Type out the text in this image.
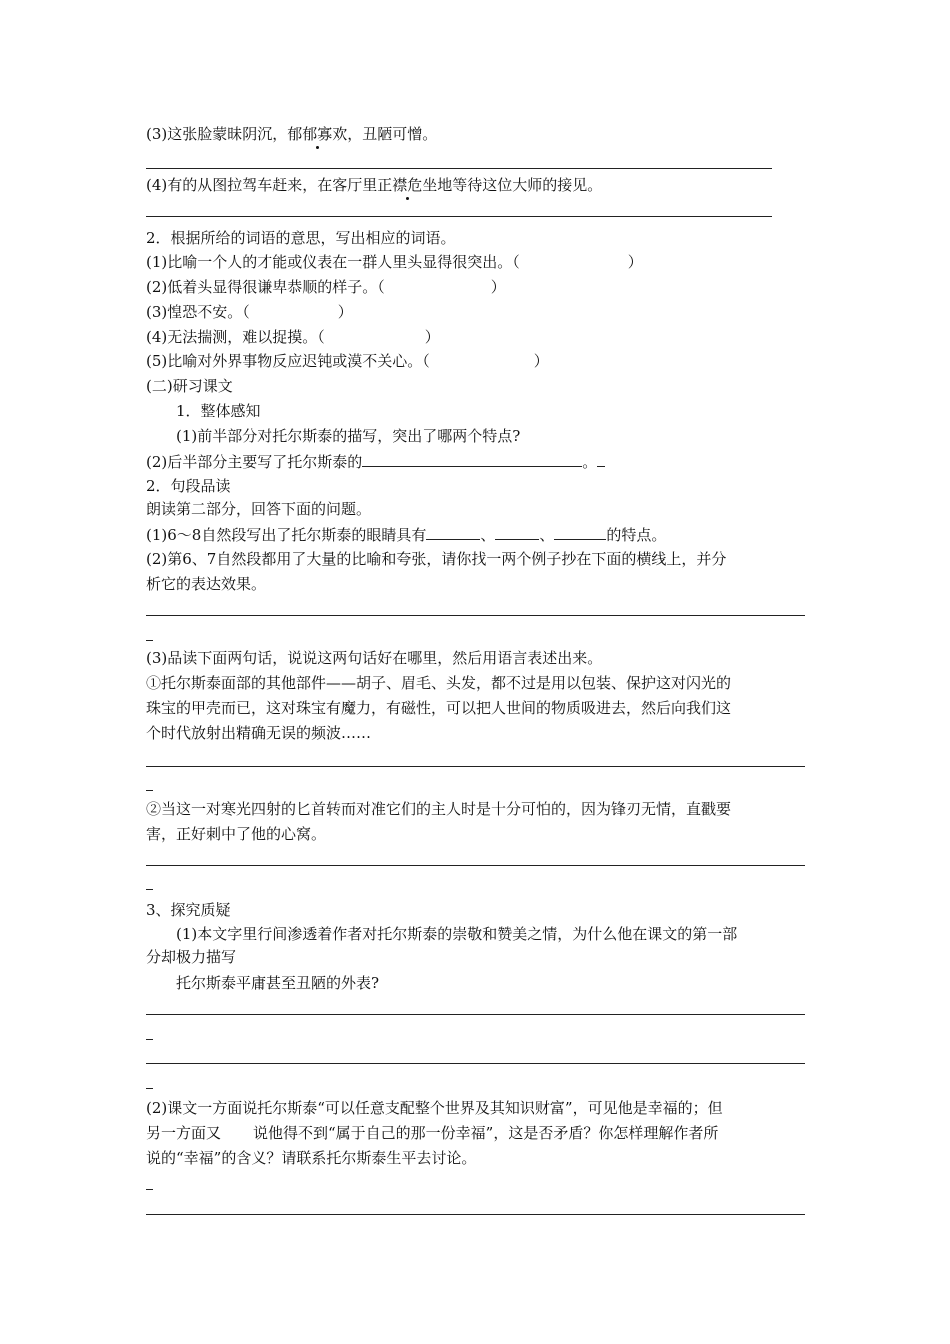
(3)这张脸蒙昧阴沉，郁郁寡欢，丑陋可憎。
(4)有的从图拉驾车赶来，在客厅里正襟危坐地等待这位大师的接见。
2．根据所给的词语的意思，写出相应的词语。
(1)比喻一个人的才能或仪表在一群人里头显得很突出。（	）
(2)低着头显得很谦卑恭顺的样子。（	）
(3)惶恐不安。（	）
(4)无法揣测，难以捉摸。（	）
(5)比喻对外界事物反应迟钝或漠不关心。（	）
(二)研习课文
1．整体感知
(1)前半部分对托尔斯泰的描写，突出了哪两个特点?
(2)后半部分主要写了托尔斯泰的	。
2．句段品读
朗读第二部分，回答下面的问题。
(1)6～8自然段写出了托尔斯泰的眼睛具有	、	、	的特点。
(2)第6、7自然段都用了大量的比喻和夸张，请你找一两个例子抄在下面的横线上，并分
析它的表达效果。
(3)品读下面两句话，说说这两句话好在哪里，然后用语言表述出来。
①托尔斯泰面部的其他部件——胡子、眉毛、头发，都不过是用以包装、保护这对闪光的
珠宝的甲壳而已，这对珠宝有魔力，有磁性，可以把人世间的物质吸进去，然后向我们这
个时代放射出精确无误的频波……
②当这一对寒光四射的匕首转而对准它们的主人时是十分可怕的，因为锋刃无情，直戳要
害，正好刺中了他的心窝。
3、探究质疑
(1)本文字里行间渗透着作者对托尔斯泰的崇敬和赞美之情，为什么他在课文的第一部
分却极力描写
托尔斯泰平庸甚至丑陋的外表?
(2)课文一方面说托尔斯泰“可以任意支配整个世界及其知识财富”，可见他是幸福的；但
另一方面又 说他得不到“属于自己的那一份幸福”，这是否矛盾？你怎样理解作者所
说的“幸福”的含义？请联系托尔斯泰生平去讨论。
